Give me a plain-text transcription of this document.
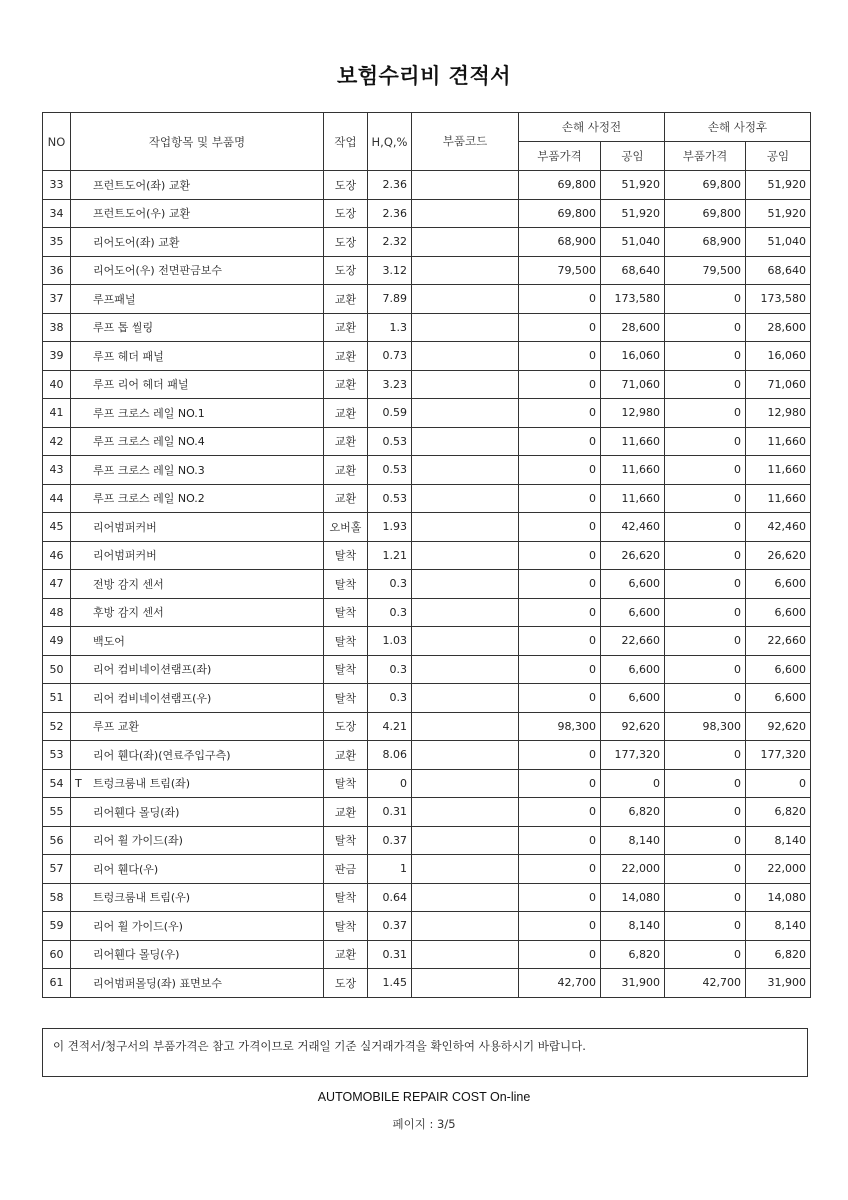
보험수리비 견적서
NO	작업항목 및 부품명	작업	H,Q,%	부품코드	손해 사정전		손해 사정후	
					부품가격	공임	부품가격	공임
33	프런트도어(좌) 교환	도장	2.36		69,800	51,920	69,800	51,920
34	프런트도어(우) 교환	도장	2.36		69,800	51,920	69,800	51,920
35	리어도어(좌) 교환	도장	2.32		68,900	51,040	68,900	51,040
36	리어도어(우) 전면판금보수	도장	3.12		79,500	68,640	79,500	68,640
37	루프패널	교환	7.89		0	173,580	0	173,580
38	루프 톱 씰링	교환	1.3		0	28,600	0	28,600
39	루프 헤더 패널	교환	0.73		0	16,060	0	16,060
40	루프 리어 헤더 패널	교환	3.23		0	71,060	0	71,060
41	루프 크로스 레일 NO.1	교환	0.59		0	12,980	0	12,980
42	루프 크로스 레일 NO.4	교환	0.53		0	11,660	0	11,660
43	루프 크로스 레일 NO.3	교환	0.53		0	11,660	0	11,660
44	루프 크로스 레일 NO.2	교환	0.53		0	11,660	0	11,660
45	리어범퍼커버	오버홀	1.93		0	42,460	0	42,460
46	리어범퍼커버	탈착	1.21		0	26,620	0	26,620
47	전방 감지 센서	탈착	0.3		0	6,600	0	6,600
48	후방 감지 센서	탈착	0.3		0	6,600	0	6,600
49	백도어	탈착	1.03		0	22,660	0	22,660
50	리어 컴비네이션램프(좌)	탈착	0.3		0	6,600	0	6,600
51	리어 컴비네이션램프(우)	탈착	0.3		0	6,600	0	6,600
52	루프 교환	도장	4.21		98,300	92,620	98,300	92,620
53	리어 휀다(좌)(연료주입구측)	교환	8.06		0	177,320	0	177,320
54	T 트렁크룸내 트림(좌)	탈착	0		0	0	0	0
55	리어휀다 몰딩(좌)	교환	0.31		0	6,820	0	6,820
56	리어 휠 가이드(좌)	탈착	0.37		0	8,140	0	8,140
57	리어 휀다(우)	판금	1		0	22,000	0	22,000
58	트렁크룸내 트림(우)	탈착	0.64		0	14,080	0	14,080
59	리어 휠 가이드(우)	탈착	0.37		0	8,140	0	8,140
60	리어휀다 몰딩(우)	교환	0.31		0	6,820	0	6,820
61	리어범퍼몰딩(좌) 표면보수	도장	1.45		42,700	31,900	42,700	31,900
이 견적서/청구서의 부품가격은 참고 가격이므로 거래일 기준 실거래가격을 확인하여 사용하시기 바랍니다.
AUTOMOBILE REPAIR COST On-line
페이지 : 3/5
